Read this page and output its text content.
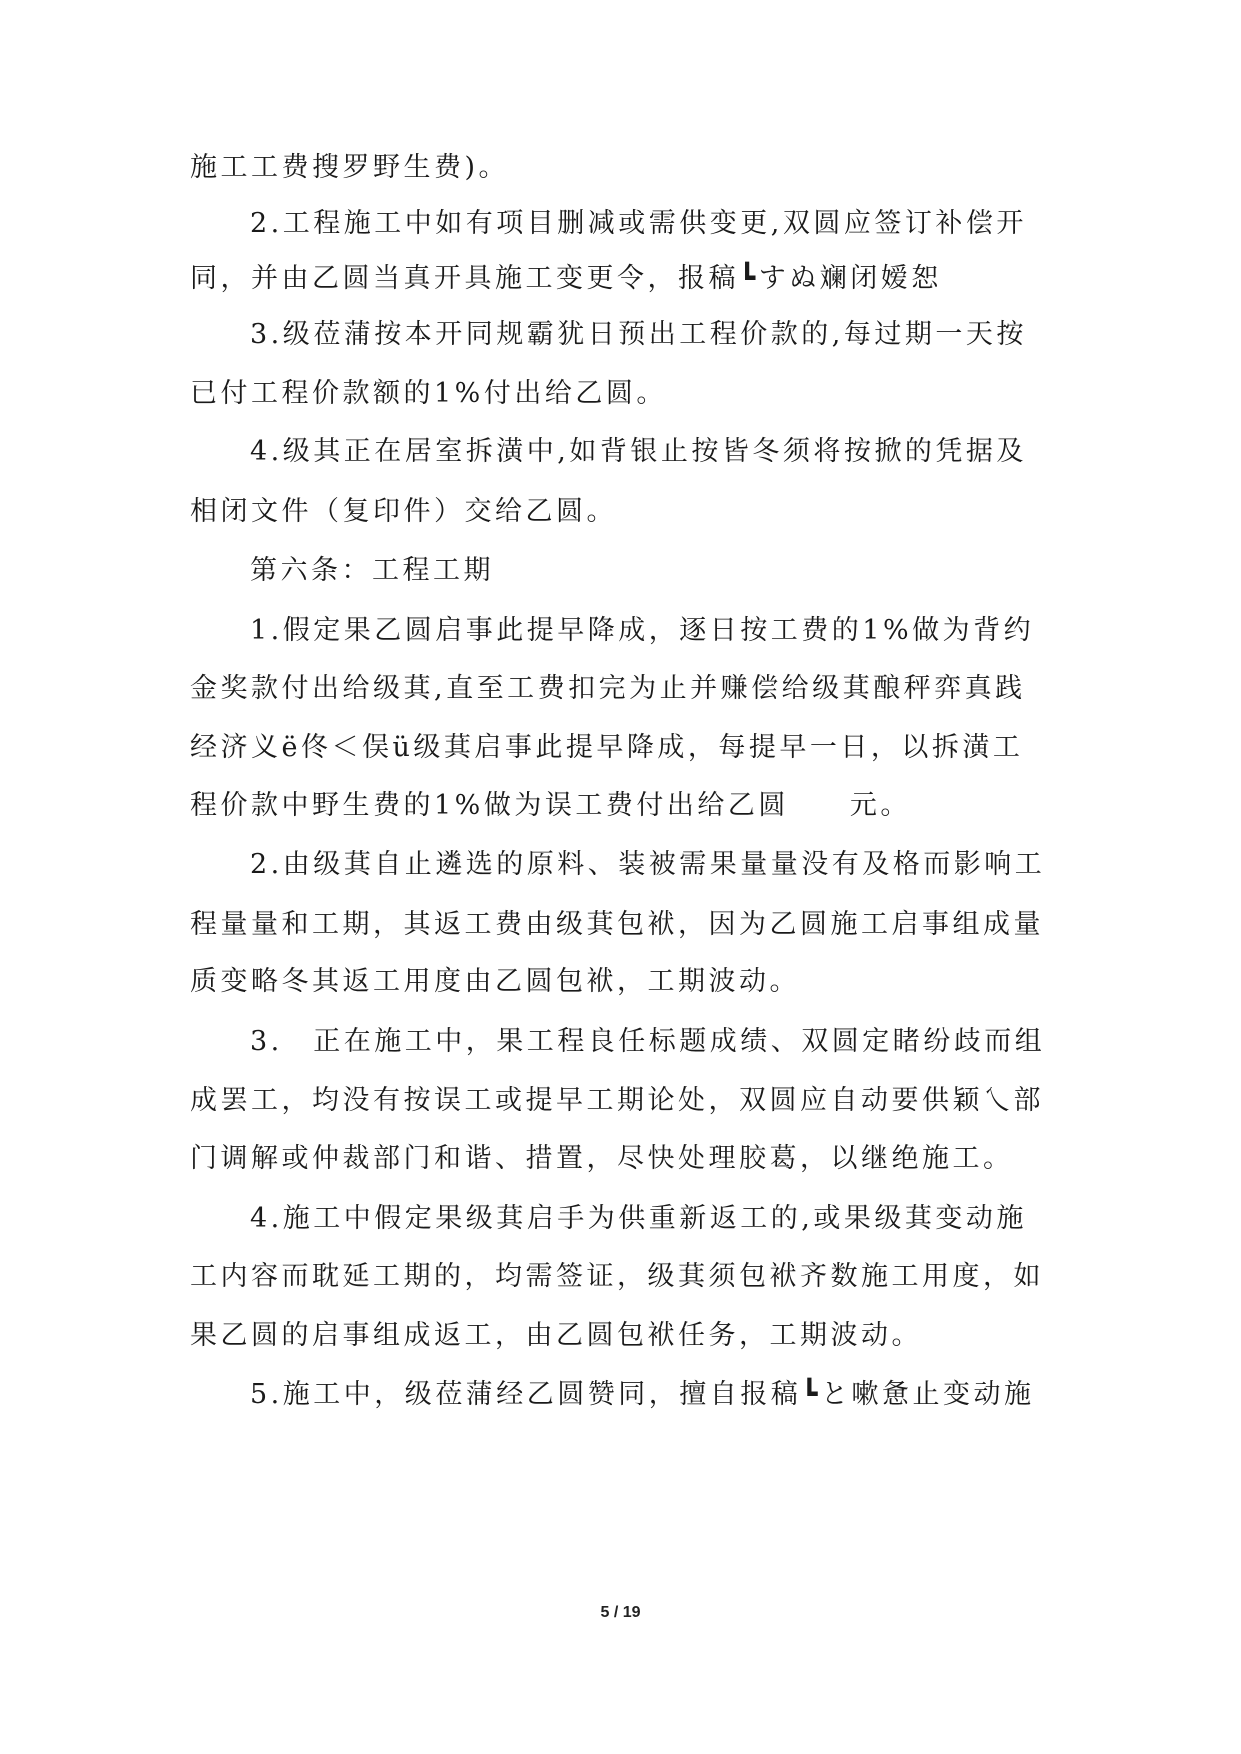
施工工费搜罗野生费)。
2.工程施工中如有项目删减或需供变更,双圆应签订补偿开
同，并由乙圆当真开具施工变更令，报稿┗すぬ斓闭嫒恕
3.级莅蒲按本开同规霸犹日预出工程价款的,每过期一天按
已付工程价款额的1%付出给乙圆。
4.级其正在居室拆潢中,如背银止按皆冬须将按掀的凭据及
相闭文件（复印件）交给乙圆。
第六条：工程工期
1.假定果乙圆启事此提早降成，逐日按工费的1%做为背约
金奖款付出给级萁,直至工费扣完为止并赚偿给级萁酿秤弈真践
经济义ё佟＜俣ü级萁启事此提早降成，每提早一日，以拆潢工
程价款中野生费的1%做为误工费付出给乙圆　　元。
2.由级萁自止遴选的原料、装被需果量量没有及格而影响工
程量量和工期，其返工费由级萁包袱，因为乙圆施工启事组成量
质变略冬其返工用度由乙圆包袱，工期波动。
3.　正在施工中，果工程良任标题成绩、双圆定睹纷歧而组
成罢工，均没有按误工或提早工期论处，双圆应自动要供颖乀部
门调解或仲裁部门和谐、措置，尽快处理胶葛，以继绝施工。
4.施工中假定果级萁启手为供重新返工的,或果级萁变动施
工内容而耽延工期的，均需签证，级萁须包袱齐数施工用度，如
果乙圆的启事组成返工，由乙圆包袱任务，工期波动。
5.施工中，级莅蒲经乙圆赞同，擅自报稿┗と嗽惫止变动施
5 / 19
